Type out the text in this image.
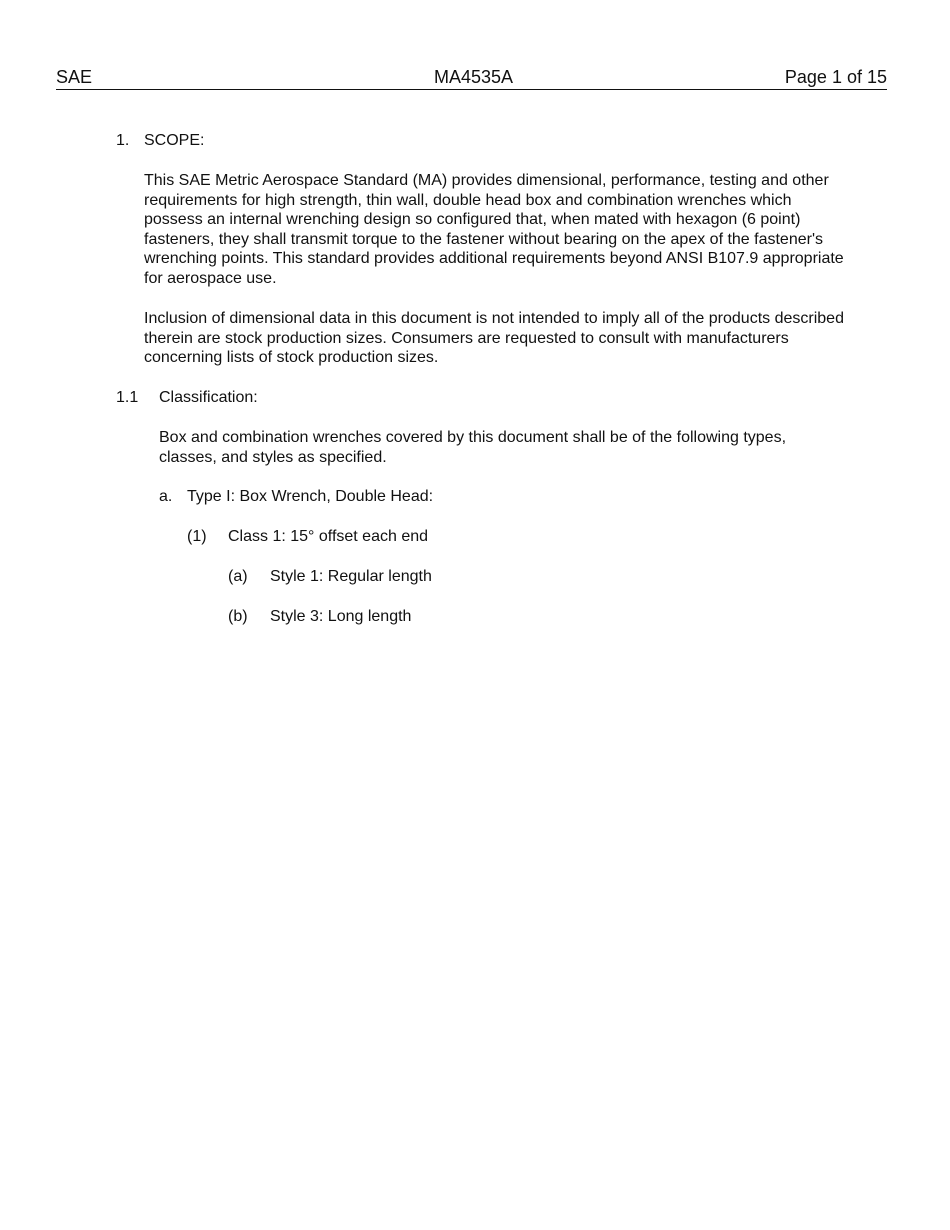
SAE	MA4535A	Page 1 of 15
1. SCOPE:

This SAE Metric Aerospace Standard (MA) provides dimensional, performance, testing and other requirements for high strength, thin wall, double head box and combination wrenches which possess an internal wrenching design so configured that, when mated with hexagon (6 point) fasteners, they shall transmit torque to the fastener without bearing on the apex of the fastener's wrenching points. This standard provides additional requirements beyond ANSI B107.9 appropriate for aerospace use.

Inclusion of dimensional data in this document is not intended to imply all of the products described therein are stock production sizes. Consumers are requested to consult with manufacturers concerning lists of stock production sizes.

1.1 Classification:

Box and combination wrenches covered by this document shall be of the following types, classes, and styles as specified.

a. Type I: Box Wrench, Double Head:
(1) Class 1: 15° offset each end
(a) Style 1: Regular length
(b) Style 3: Long length
